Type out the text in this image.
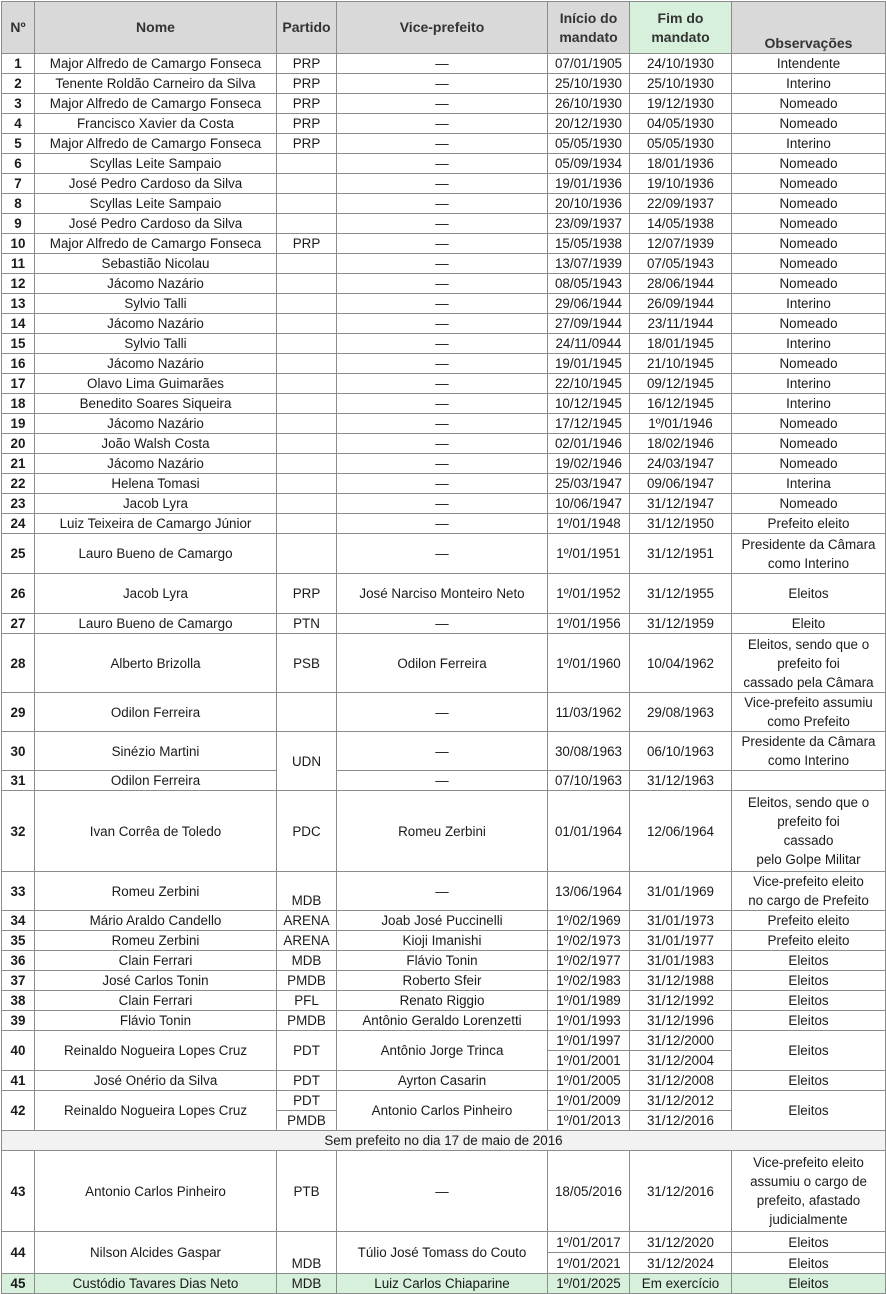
Nº	Nome	Partido	Vice-prefeito	Início do mandato	Fim do mandato	Observações
1	Major Alfredo de Camargo Fonseca	PRP	—	07/01/1905	24/10/1930	Intendente
2	Tenente Roldão Carneiro da Silva	PRP	—	25/10/1930	25/10/1930	Interino
3	Major Alfredo de Camargo Fonseca	PRP	—	26/10/1930	19/12/1930	Nomeado
4	Francisco Xavier da Costa	PRP	—	20/12/1930	04/05/1930	Nomeado
5	Major Alfredo de Camargo Fonseca	PRP	—	05/05/1930	05/05/1930	Interino
6	Scyllas Leite Sampaio		—	05/09/1934	18/01/1936	Nomeado
7	José Pedro Cardoso da Silva		—	19/01/1936	19/10/1936	Nomeado
8	Scyllas Leite Sampaio		—	20/10/1936	22/09/1937	Nomeado
9	José Pedro Cardoso da Silva		—	23/09/1937	14/05/1938	Nomeado
10	Major Alfredo de Camargo Fonseca	PRP	—	15/05/1938	12/07/1939	Nomeado
11	Sebastião Nicolau		—	13/07/1939	07/05/1943	Nomeado
12	Jácomo Nazário		—	08/05/1943	28/06/1944	Nomeado
13	Sylvio Talli		—	29/06/1944	26/09/1944	Interino
14	Jácomo Nazário		—	27/09/1944	23/11/1944	Nomeado
15	Sylvio Talli		—	24/11/0944	18/01/1945	Interino
16	Jácomo Nazário		—	19/01/1945	21/10/1945	Nomeado
17	Olavo Lima Guimarães		—	22/10/1945	09/12/1945	Interino
18	Benedito Soares Siqueira		—	10/12/1945	16/12/1945	Interino
19	Jácomo Nazário		—	17/12/1945	1º/01/1946	Nomeado
20	João Walsh Costa		—	02/01/1946	18/02/1946	Nomeado
21	Jácomo Nazário		—	19/02/1946	24/03/1947	Nomeado
22	Helena Tomasi		—	25/03/1947	09/06/1947	Interina
23	Jacob Lyra		—	10/06/1947	31/12/1947	Nomeado
24	Luiz Teixeira de Camargo Júnior		—	1º/01/1948	31/12/1950	Prefeito eleito
25	Lauro Bueno de Camargo		—	1º/01/1951	31/12/1951	Presidente da Câmara
como Interino

26	Jacob Lyra	PRP	José Narciso Monteiro Neto	1º/01/1952	31/12/1955	Eleitos
27	Lauro Bueno de Camargo	PTN	—	1º/01/1956	31/12/1959	Eleito
28	Alberto Brizolla	PSB	Odilon Ferreira	1º/01/1960	10/04/1962	Eleitos, sendo que o
prefeito foi
cassado pela Câmara

29	Odilon Ferreira		—	11/03/1962	29/08/1963	Vice-prefeito assumiu
como Prefeito

30	Sinézio Martini	UDN	—	30/08/1963	06/10/1963	Presidente da Câmara
como Interino

31	Odilon Ferreira		—	07/10/1963	31/12/1963	
32	Ivan Corrêa de Toledo	PDC	Romeu Zerbini	01/01/1964	12/06/1964	Eleitos, sendo que o
prefeito foi
cassado
pelo Golpe Militar

33	Romeu Zerbini	MDB	—	13/06/1964	31/01/1969	Vice-prefeito eleito
no cargo de Prefeito

34	Mário Araldo Candello	ARENA	Joab José Puccinelli	1º/02/1969	31/01/1973	Prefeito eleito
35	Romeu Zerbini	ARENA	Kioji Imanishi	1º/02/1973	31/01/1977	Prefeito eleito
36	Clain Ferrari	MDB	Flávio Tonin	1º/02/1977	31/01/1983	Eleitos
37	José Carlos Tonin	PMDB	Roberto Sfeir	1º/02/1983	31/12/1988	Eleitos
38	Clain Ferrari	PFL	Renato Riggio	1º/01/1989	31/12/1992	Eleitos
39	Flávio Tonin	PMDB	Antônio Geraldo Lorenzetti	1º/01/1993	31/12/1996	Eleitos
40	Reinaldo Nogueira Lopes Cruz	PDT	Antônio Jorge Trinca	1º/01/1997	31/12/2000	Eleitos
				1º/01/2001	31/12/2004	
41	José Onério da Silva	PDT	Ayrton Casarin	1º/01/2005	31/12/2008	Eleitos
42	Reinaldo Nogueira Lopes Cruz	PDT	Antonio Carlos Pinheiro	1º/01/2009	31/12/2012	Eleitos
		PMDB		1º/01/2013	31/12/2016	
Sem prefeito no dia 17 de maio de 2016						
43	Antonio Carlos Pinheiro	PTB	—	18/05/2016	31/12/2016	Vice-prefeito eleito
assumiu o cargo de
prefeito, afastado
judicialmente

44	Nilson Alcides Gaspar	MDB	Túlio José Tomass do Couto	1º/01/2017	31/12/2020	Eleitos
				1º/01/2021	31/12/2024	Eleitos
45	Custódio Tavares Dias Neto	MDB	Luiz Carlos Chiaparine	1º/01/2025	Em exercício	Eleitos
